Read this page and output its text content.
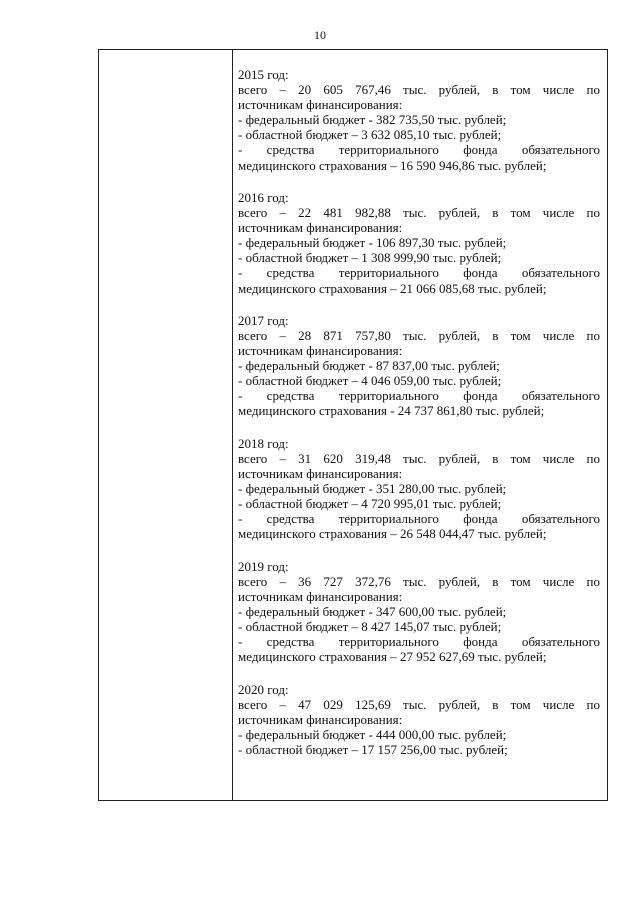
10
2015 год:
всего – 20 605 767,46 тыс. рублей, в том числе по
источникам финансирования:
- федеральный бюджет - 382 735,50 тыс. рублей;
- областной бюджет – 3 632 085,10 тыс. рублей;
- средства территориального фонда обязательного
медицинского страхования – 16 590 946,86 тыс. рублей;
2016 год:
всего – 22 481 982,88 тыс. рублей, в том числе по
источникам финансирования:
- федеральный бюджет - 106 897,30 тыс. рублей;
- областной бюджет – 1 308 999,90 тыс. рублей;
- средства территориального фонда обязательного
медицинского страхования – 21 066 085,68 тыс. рублей;
2017 год:
всего – 28 871 757,80 тыс. рублей, в том числе по
источникам финансирования:
- федеральный бюджет - 87 837,00 тыс. рублей;
- областной бюджет – 4 046 059,00 тыс. рублей;
- средства территориального фонда обязательного
медицинского страхования - 24 737 861,80 тыс. рублей;
2018 год:
всего – 31 620 319,48 тыс. рублей, в том числе по
источникам финансирования:
- федеральный бюджет - 351 280,00 тыс. рублей;
- областной бюджет – 4 720 995,01 тыс. рублей;
- средства территориального фонда обязательного
медицинского страхования – 26 548 044,47 тыс. рублей;
2019 год:
всего – 36 727 372,76 тыс. рублей, в том числе по
источникам финансирования:
- федеральный бюджет - 347 600,00 тыс. рублей;
- областной бюджет – 8 427 145,07 тыс. рублей;
- средства территориального фонда обязательного
медицинского страхования – 27 952 627,69 тыс. рублей;
2020 год:
всего – 47 029 125,69 тыс. рублей, в том числе по
источникам финансирования:
- федеральный бюджет - 444 000,00 тыс. рублей;
- областной бюджет – 17 157 256,00 тыс. рублей;
